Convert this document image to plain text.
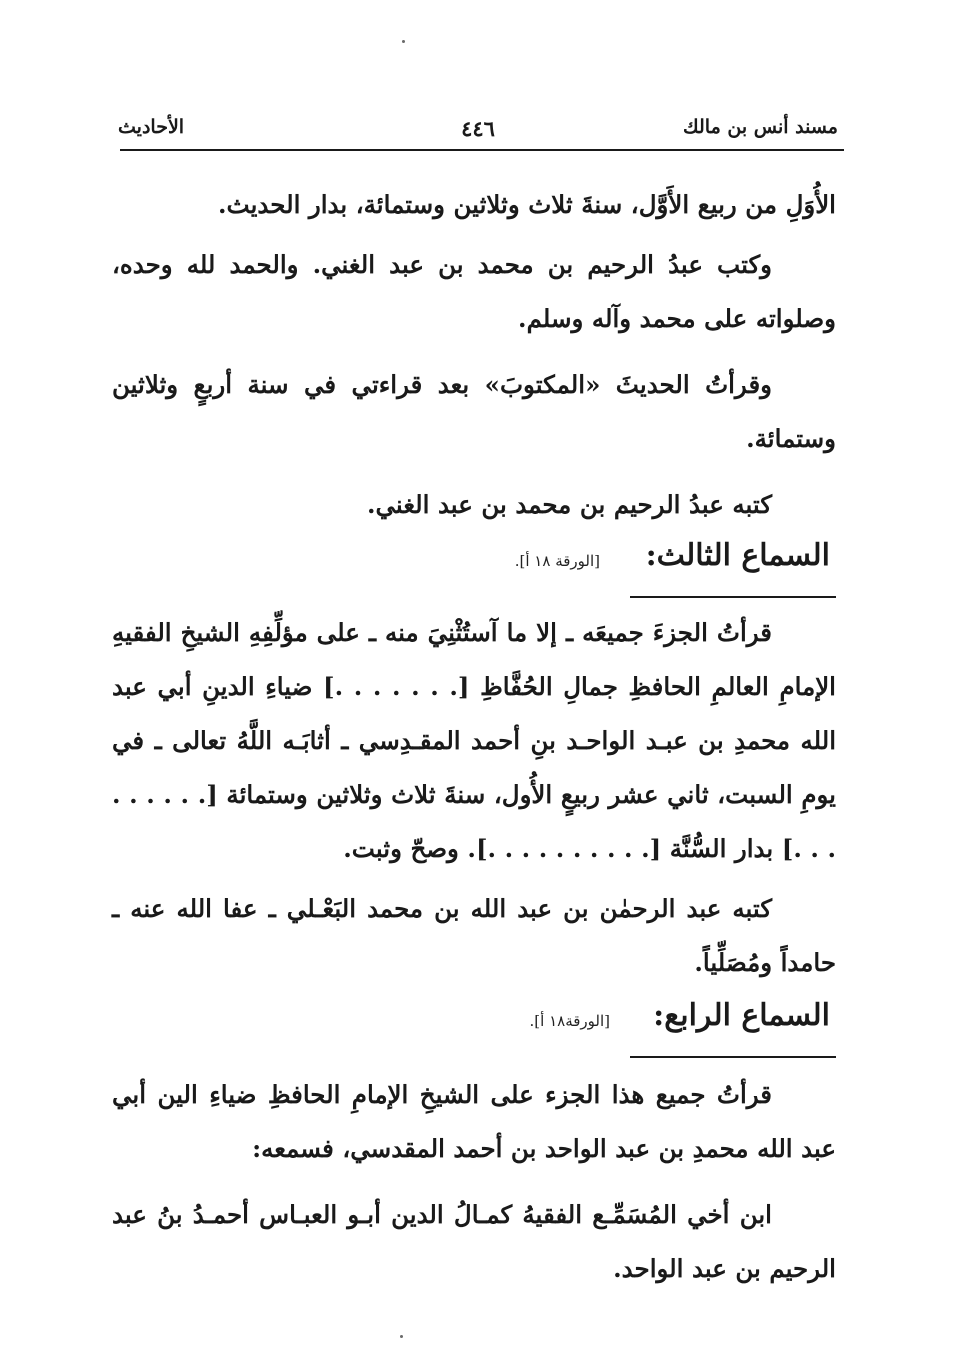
مسند أنس بن مالك
٤٤٦
الأحاديث
الأُوَلِ من ربيع الأَوَّل، سنةَ ثلاث وثلاثين وستمائة، بدار الحديث.
وكتب عبدُ الرحيم بن محمد بن عبد الغني. والحمد لله وحده، وصلواته على محمد وآله وسلم.
وقرأتُ الحديثَ «المكتوبَ» بعد قراءتي في سنة أربعٍ وثلاثين وستمائة.
كتبه عبدُ الرحيم بن محمد بن عبد الغني.
السماع الثالث:
[الورقة ١٨ أ].
قرأتُ الجزءَ جميعَه ـ إلا ما آستُثْنِيَ منه ـ على مؤلِّفِهِ الشيخِ الفقيهِ الإمامِ العالمِ الحافظِ جمالِ الحُفَّاظِ [. . . . . . .] ضياءِ الدينِ أبي عبد الله محمدِ بن عبـد الواحـد بنِ أحمد المقـدِسي ـ أثابَـه اللَّهُ تعالى ـ في يومِ السبت، ثاني عشر ربيعٍ الأُول، سنةَ ثلاث وثلاثين وستمائة [. . . . . . . . .] بدار السُّنَّة [. . . . . . . . . .]. وصحّ وثبت.
كتبه عبد الرحمٰن بن عبد الله بن محمد البَعْـلي ـ عفا الله عنه ـ حامداً ومُصَلِّياً.
السماع الرابع:
[الورقة١٨ أ].
قرأتُ جميع هذا الجزء على الشيخِ الإمامِ الحافظِ ضياءِ الين أبي عبد الله محمدِ بن عبد الواحد بن أحمد المقدسي، فسمعه:
ابن أخي المُسَمِّـع الفقيهُ كمـالُ الدين أبـو العبـاس أحمـدُ بنُ عبد الرحيم بن عبد الواحد.
